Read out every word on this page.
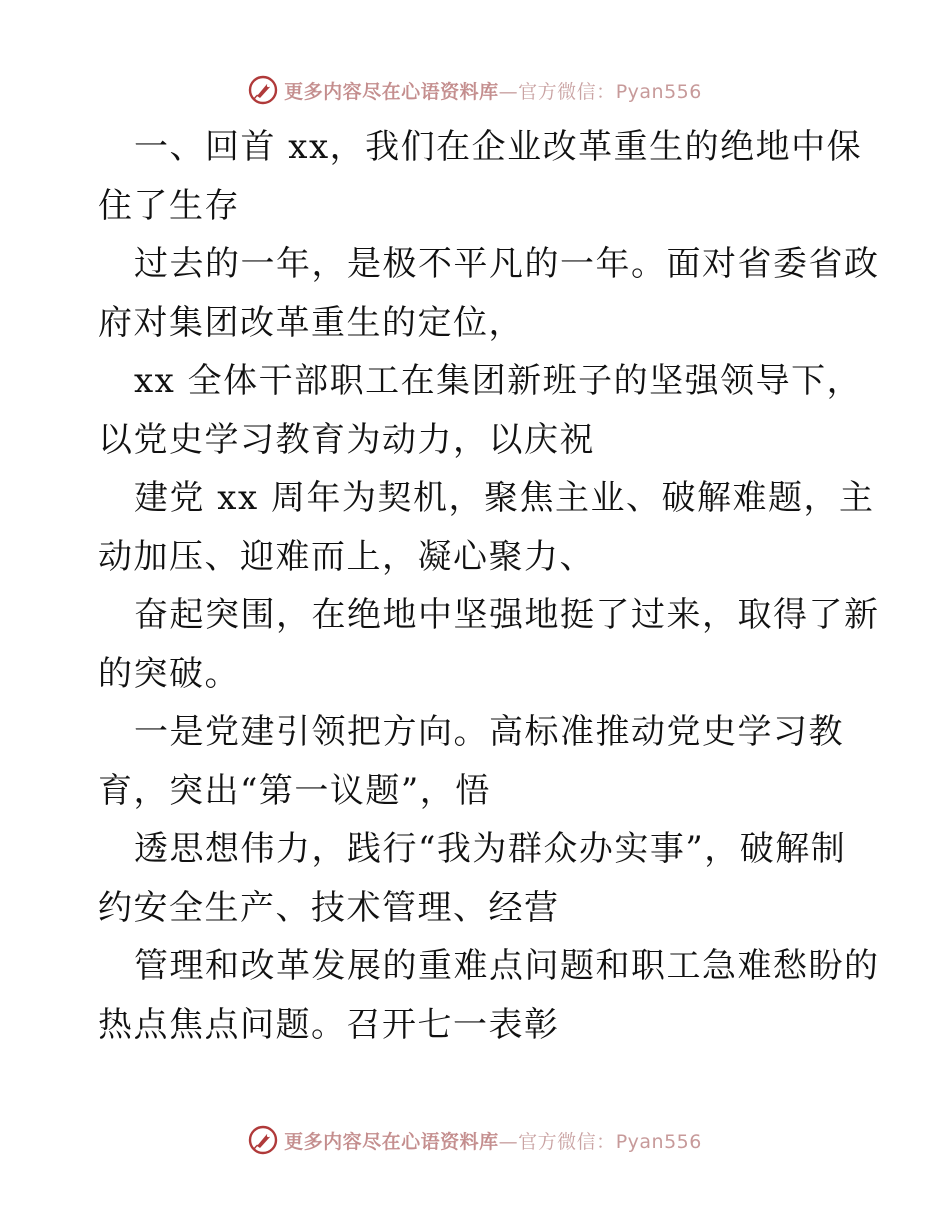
更多内容尽在心语资料库—官方微信：Pyan556
一、回首 xx，我们在企业改革重生的绝地中保
住了生存
过去的一年，是极不平凡的一年。面对省委省政
府对集团改革重生的定位，
xx 全体干部职工在集团新班子的坚强领导下，
以党史学习教育为动力，以庆祝
建党 xx 周年为契机，聚焦主业、破解难题，主
动加压、迎难而上，凝心聚力、
奋起突围，在绝地中坚强地挺了过来，取得了新
的突破。
一是党建引领把方向。高标准推动党史学习教
育，突出“第一议题”，悟
透思想伟力，践行“我为群众办实事”，破解制
约安全生产、技术管理、经营
管理和改革发展的重难点问题和职工急难愁盼的
热点焦点问题。召开七一表彰
更多内容尽在心语资料库—官方微信：Pyan556
